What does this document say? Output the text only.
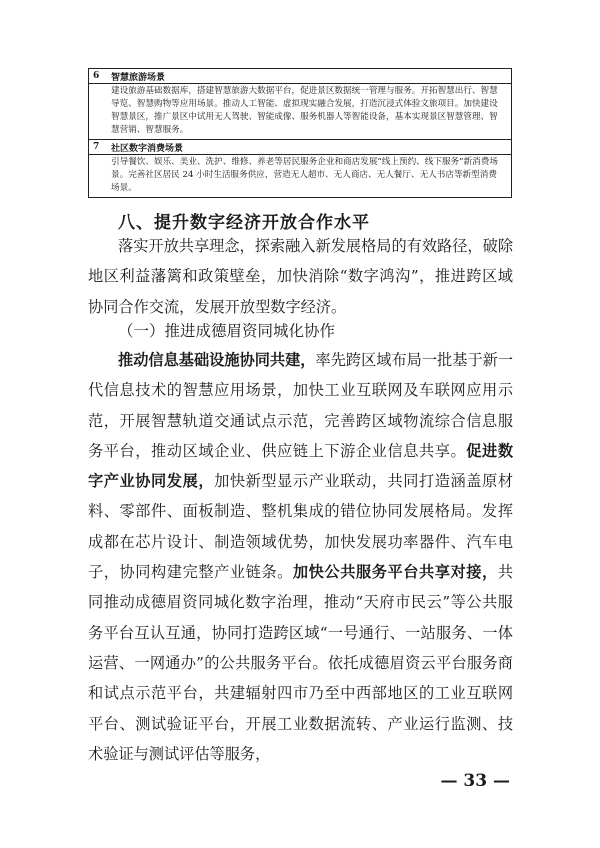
6	智慧旅游场景
建设旅游基础数据库，搭建智慧旅游大数据平台，促进景区数据统一管理与服务。开拓智慧出行、智慧导览、智慧购物等应用场景。推动人工智能、虚拟现实融合发展，打造沉浸式体验文旅项目。加快建设智慧景区，推广景区中试用无人驾驶、智能成像、服务机器人等智能设备，基本实现景区智慧管理、智慧营销、智慧服务。
7	社区数字消费场景
引导餐饮、娱乐、美业、洗护、维修、养老等居民服务企业和商店发展“线上预约、线下服务”新消费场景。完善社区居民 24 小时生活服务供应，营造无人超市、无人商店、无人餐厅、无人书店等新型消费场景。
八、提升数字经济开放合作水平

落实开放共享理念，探索融入新发展格局的有效路径，破除地区利益藩篱和政策壁垒，加快消除“数字鸿沟”，推进跨区域协同合作交流，发展开放型数字经济。

（一）推进成德眉资同城化协作

推动信息基础设施协同共建，率先跨区域布局一批基于新一代信息技术的智慧应用场景，加快工业互联网及车联网应用示范，开展智慧轨道交通试点示范，完善跨区域物流综合信息服务平台，推动区域企业、供应链上下游企业信息共享。促进数字产业协同发展，加快新型显示产业联动，共同打造涵盖原材料、零部件、面板制造、整机集成的错位协同发展格局。发挥成都在芯片设计、制造领域优势，加快发展功率器件、汽车电子，协同构建完整产业链条。加快公共服务平台共享对接，共同推动成德眉资同城化数字治理，推动“天府市民云”等公共服务平台互认互通，协同打造跨区域“一号通行、一站服务、一体运营、一网通办”的公共服务平台。依托成德眉资云平台服务商和试点示范平台，共建辐射四市乃至中西部地区的工业互联网平台、测试验证平台，开展工业数据流转、产业运行监测、技术验证与测试评估等服务，

— 33 —
